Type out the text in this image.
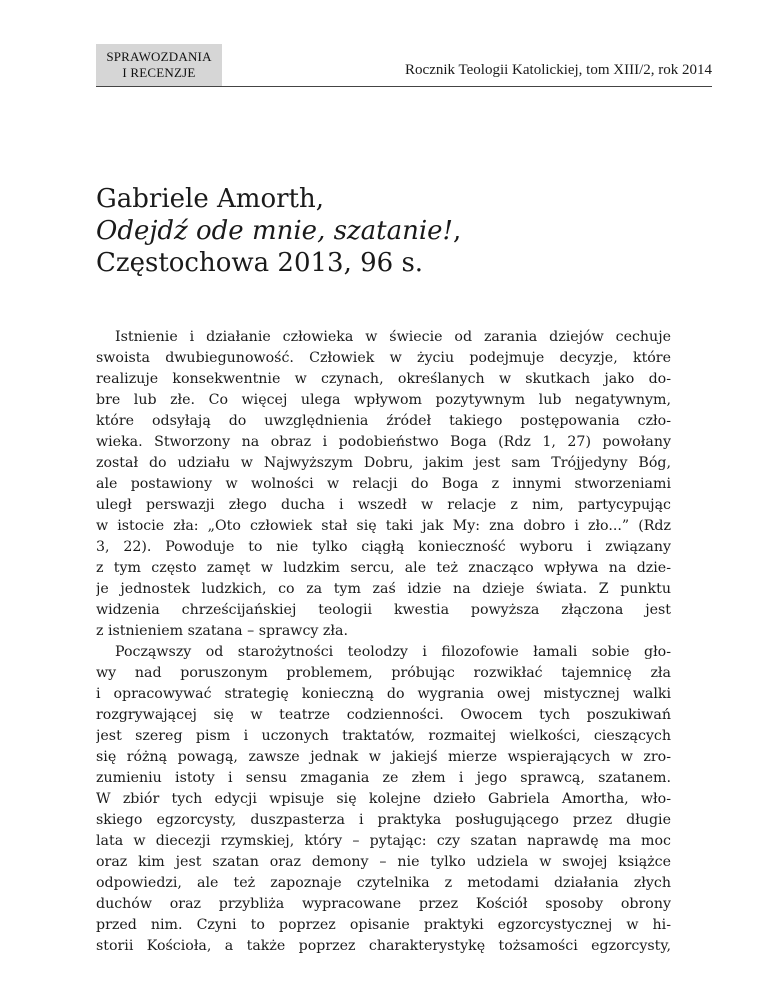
SPRAWOZDANIA
I RECENZJE	Rocznik Teologii Katolickiej, tom XIII/2, rok 2014
Gabriele Amorth,
Odejdź ode mnie, szatanie!,
Częstochowa 2013, 96 s.
Istnienie i działanie człowieka w świecie od zarania dziejów cechuje
swoista dwubiegunowość. Człowiek w życiu podejmuje decyzje, które
realizuje konsekwentnie w czynach, określanych w skutkach jako do-
bre lub złe. Co więcej ulega wpływom pozytywnym lub negatywnym,
które odsyłają do uwzględnienia źródeł takiego postępowania czło-
wieka. Stworzony na obraz i podobieństwo Boga (Rdz 1, 27) powołany
został do udziału w Najwyższym Dobru, jakim jest sam Trójjedyny Bóg,
ale postawiony w wolności w relacji do Boga z innymi stworzeniami
uległ perswazji złego ducha i wszedł w relacje z nim, partycypując
w istocie zła: „Oto człowiek stał się taki jak My: zna dobro i zło...” (Rdz
3, 22). Powoduje to nie tylko ciągłą konieczność wyboru i związany
z tym często zamęt w ludzkim sercu, ale też znacząco wpływa na dzie-
je jednostek ludzkich, co za tym zaś idzie na dzieje świata. Z punktu
widzenia chrześcijańskiej teologii kwestia powyższa złączona jest
z istnieniem szatana – sprawcy zła.
Począwszy od starożytności teolodzy i filozofowie łamali sobie gło-
wy nad poruszonym problemem, próbując rozwikłać tajemnicę zła
i opracowywać strategię konieczną do wygrania owej mistycznej walki
rozgrywającej się w teatrze codzienności. Owocem tych poszukiwań
jest szereg pism i uczonych traktatów, rozmaitej wielkości, cieszących
się różną powagą, zawsze jednak w jakiejś mierze wspierających w zro-
zumieniu istoty i sensu zmagania ze złem i jego sprawcą, szatanem.
W zbiór tych edycji wpisuje się kolejne dzieło Gabriela Amortha, wło-
skiego egzorcysty, duszpasterza i praktyka posługującego przez długie
lata w diecezji rzymskiej, który – pytając: czy szatan naprawdę ma moc
oraz kim jest szatan oraz demony – nie tylko udziela w swojej książce
odpowiedzi, ale też zapoznaje czytelnika z metodami działania złych
duchów oraz przybliża wypracowane przez Kościół sposoby obrony
przed nim. Czyni to poprzez opisanie praktyki egzorcystycznej w hi-
storii Kościoła, a także poprzez charakterystykę tożsamości egzorcysty,
